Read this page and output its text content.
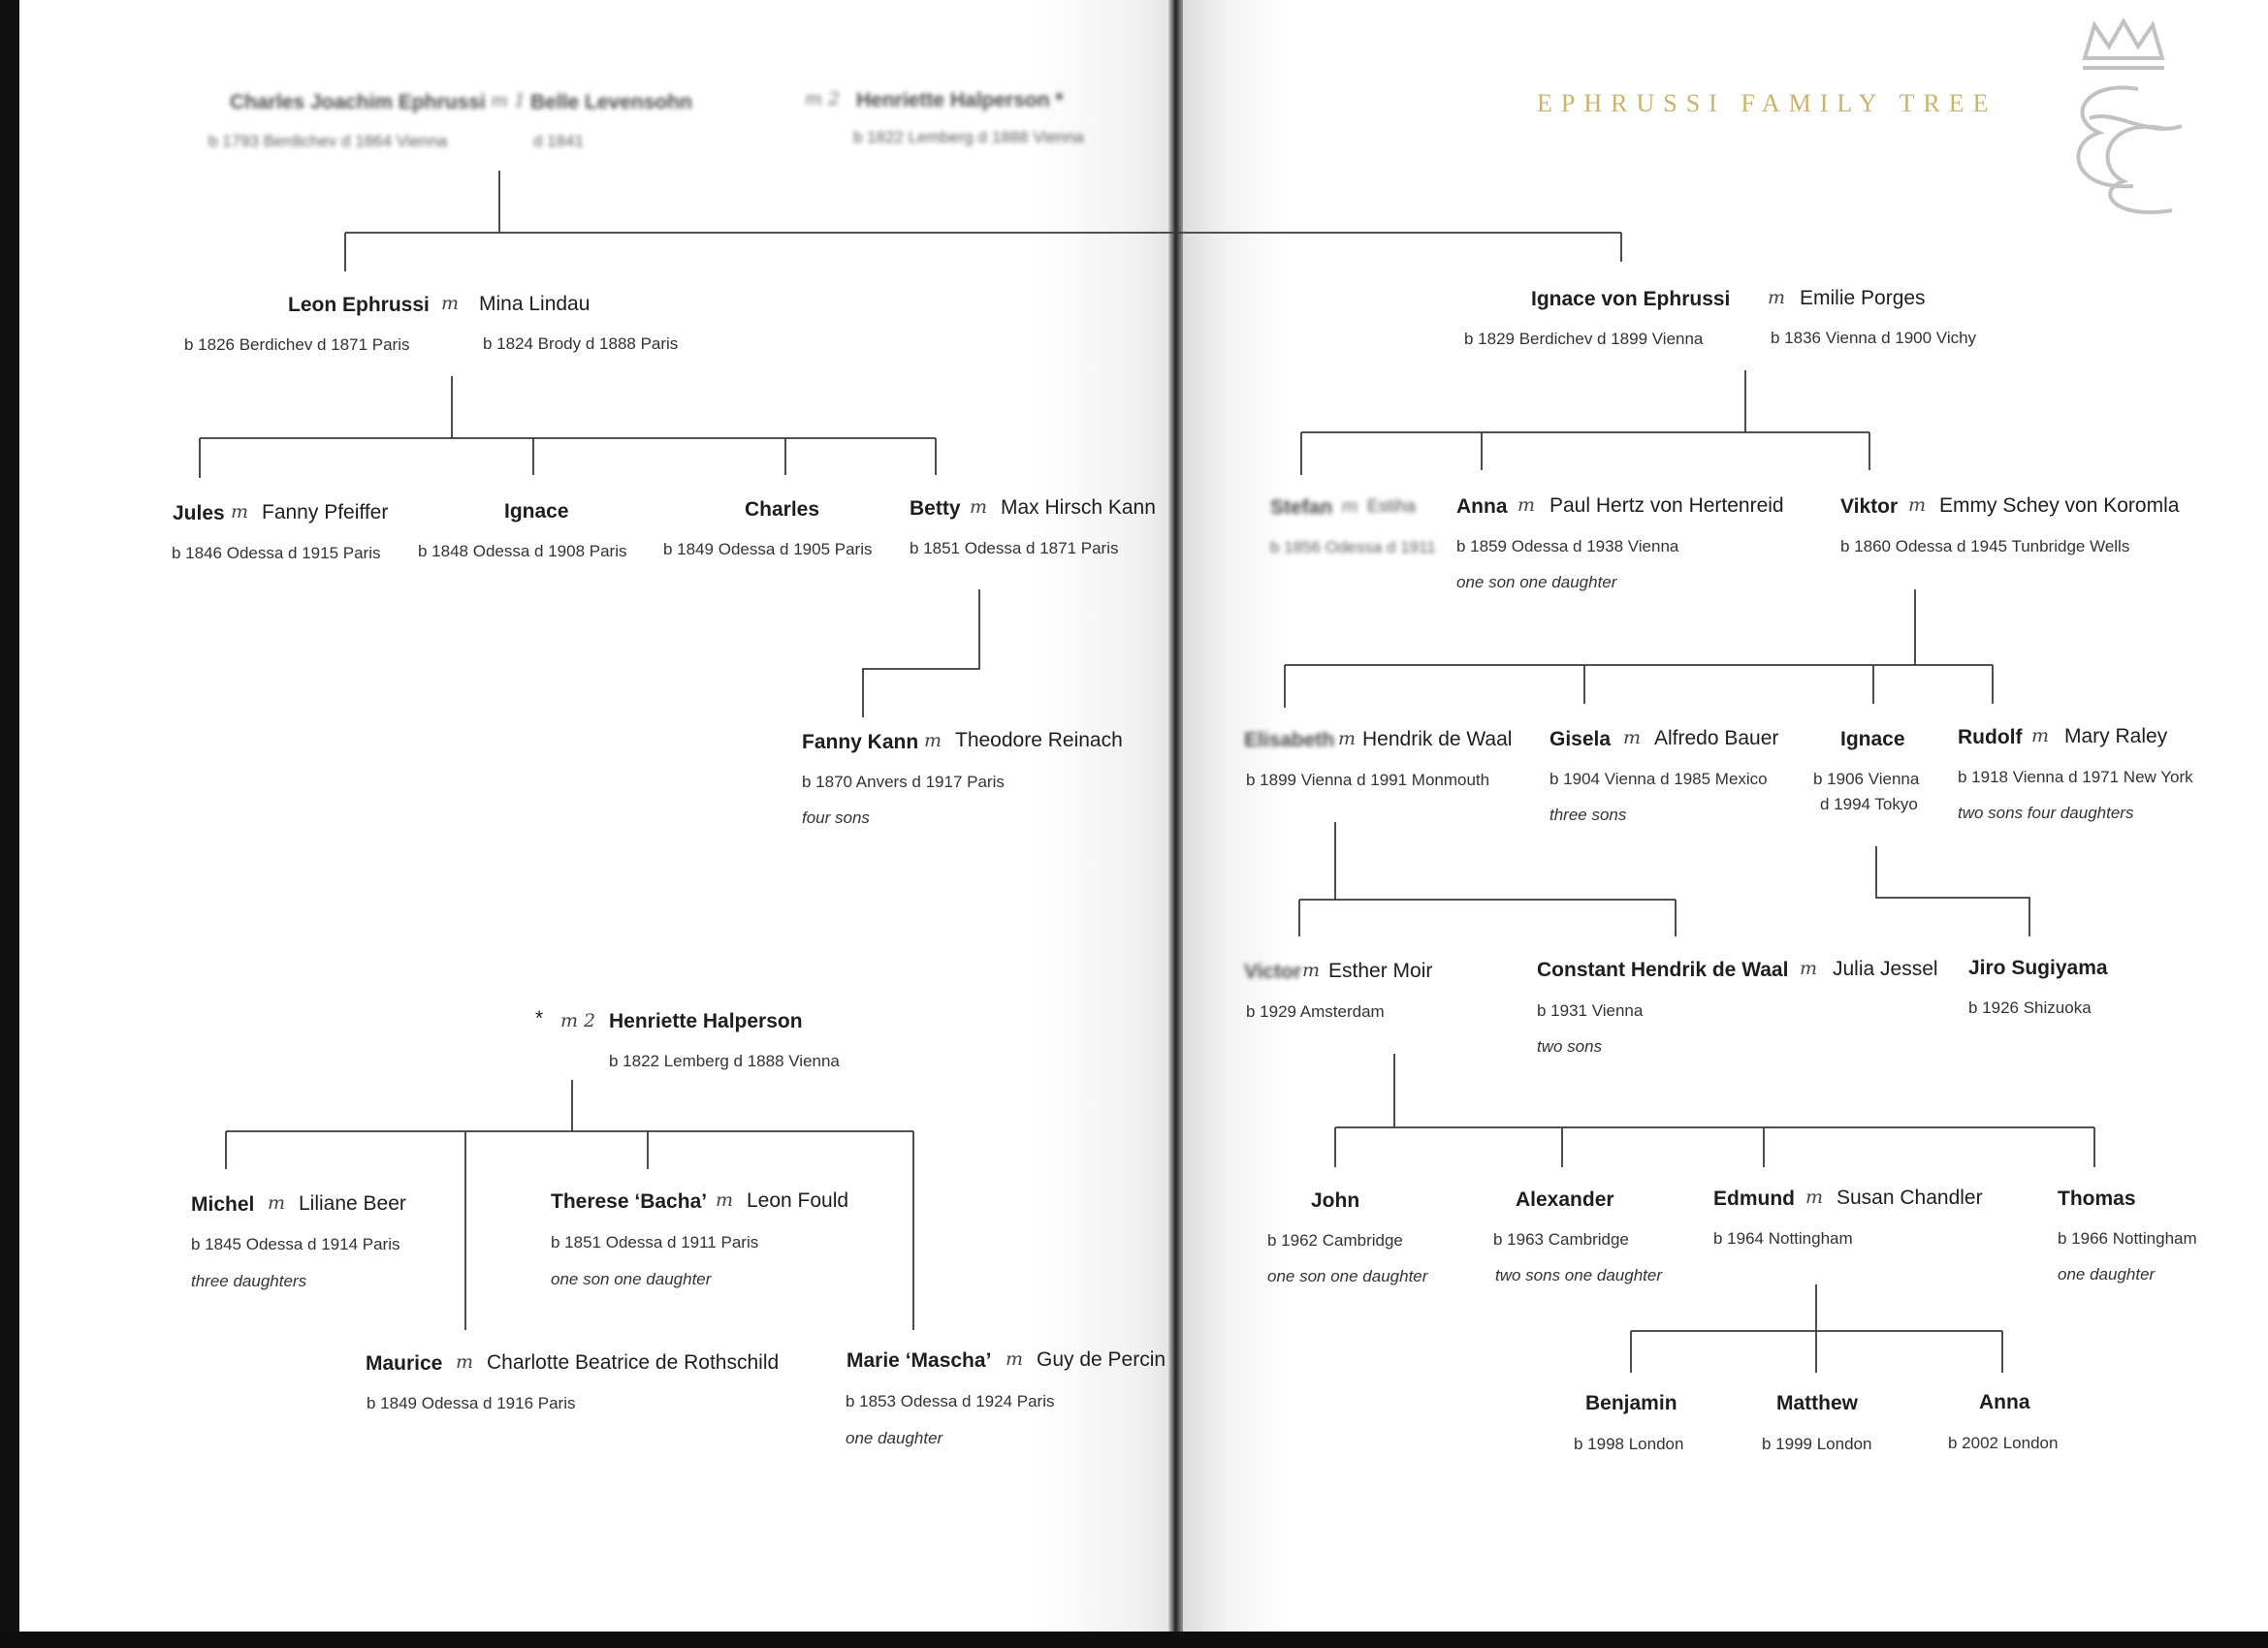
EPHRUSSI FAMILY TREE
Charles Joachim Ephrussi m 1 Belle Levensohn	m 2 Henriette Halperson *
b 1793 Berdichev d 1864 Vienna	d 1841	b 1822 Lemberg d 1888 Vienna
Leon Ephrussi m Mina Lindau
b 1826 Berdichev d 1871 Paris	b 1824 Brody d 1888 Paris
Jules m Fanny Pfeiffer
b 1846 Odessa d 1915 Paris
Ignace
b 1848 Odessa d 1908 Paris
Charles
b 1849 Odessa d 1905 Paris
Betty m Max Hirsch Kann
b 1851 Odessa d 1871 Paris
Fanny Kann m Theodore Reinach
b 1870 Anvers d 1917 Paris
four sons
* m 2 Henriette Halperson
b 1822 Lemberg d 1888 Vienna
Michel m Liliane Beer
b 1845 Odessa d 1914 Paris
three daughters
Therese ‘Bacha’ m Leon Fould
b 1851 Odessa d 1911 Paris
one son one daughter
Maurice m Charlotte Beatrice de Rothschild
b 1849 Odessa d 1916 Paris
Marie ‘Mascha’ m Guy de Percin
b 1853 Odessa d 1924 Paris
one daughter
Ignace von Ephrussi m Emilie Porges
b 1829 Berdichev d 1899 Vienna	b 1836 Vienna d 1900 Vichy
Stefan m Estiha
b 1856 Odessa d 1911
Anna m Paul Hertz von Hertenreid
b 1859 Odessa d 1938 Vienna
one son one daughter
Viktor m Emmy Schey von Koromla
b 1860 Odessa d 1945 Tunbridge Wells
Elisabeth m Hendrik de Waal
b 1899 Vienna d 1991 Monmouth
Gisela m Alfredo Bauer
b 1904 Vienna d 1985 Mexico
three sons
Ignace
b 1906 Vienna
d 1994 Tokyo
Rudolf m Mary Raley
b 1918 Vienna d 1971 New York
two sons four daughters
Victor m Esther Moir
b 1929 Amsterdam
Constant Hendrik de Waal m Julia Jessel
b 1931 Vienna
two sons
Jiro Sugiyama
b 1926 Shizuoka
John
b 1962 Cambridge
one son one daughter
Alexander
b 1963 Cambridge
two sons one daughter
Edmund m Susan Chandler
b 1964 Nottingham
Thomas
b 1966 Nottingham
one daughter
Benjamin
b 1998 London
Matthew
b 1999 London
Anna
b 2002 London
